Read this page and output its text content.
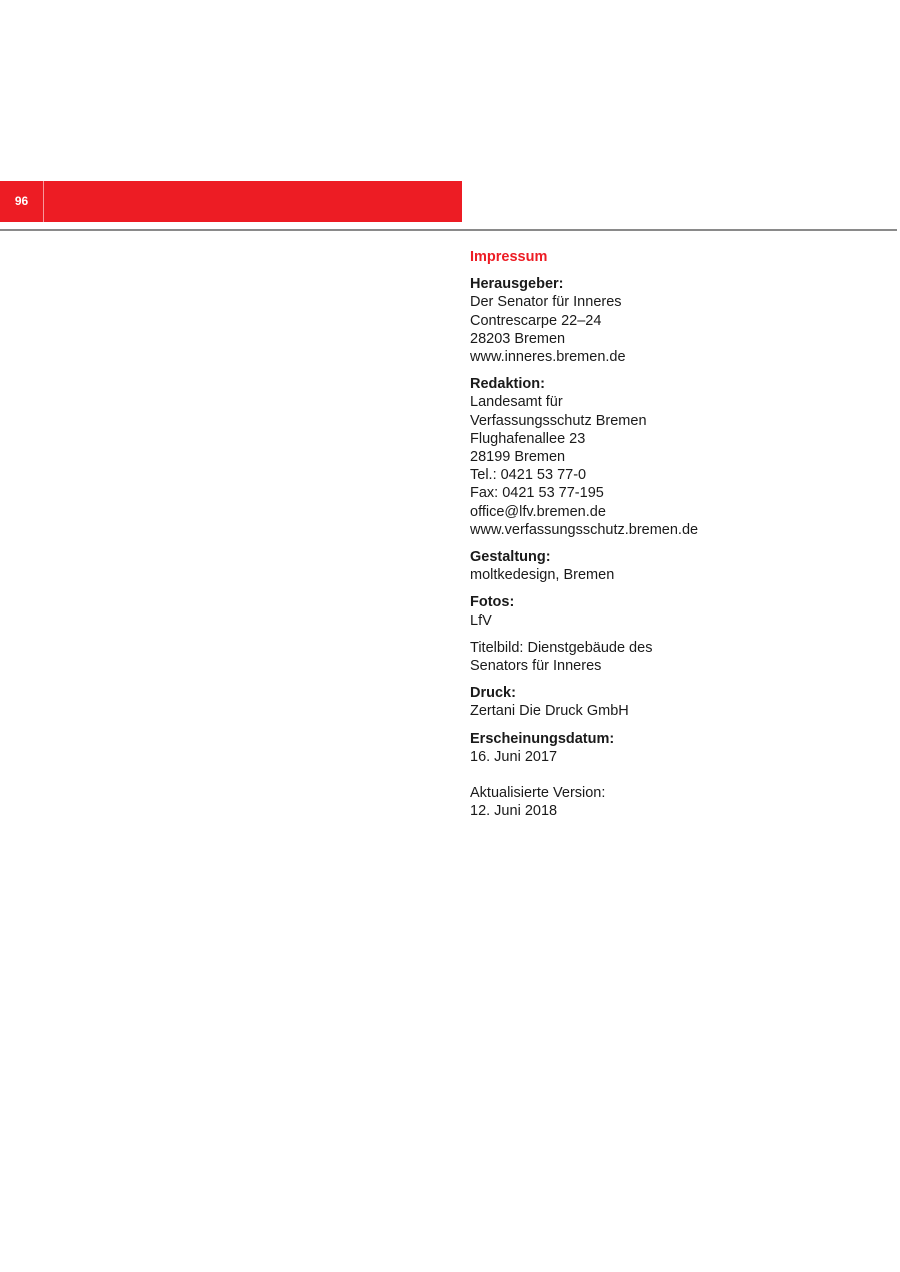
96
Impressum
Herausgeber:
Der Senator für Inneres
Contrescarpe 22–24
28203 Bremen
www.inneres.bremen.de
Redaktion:
Landesamt für
Verfassungsschutz Bremen
Flughafenallee 23
28199 Bremen
Tel.: 0421 53 77-0
Fax: 0421 53 77-195
office@lfv.bremen.de
www.verfassungsschutz.bremen.de
Gestaltung:
moltkedesign, Bremen
Fotos:
LfV
Titelbild: Dienstgebäude des
Senators für Inneres
Druck:
Zertani Die Druck GmbH
Erscheinungsdatum:
16. Juni 2017
Aktualisierte Version:
12. Juni 2018
